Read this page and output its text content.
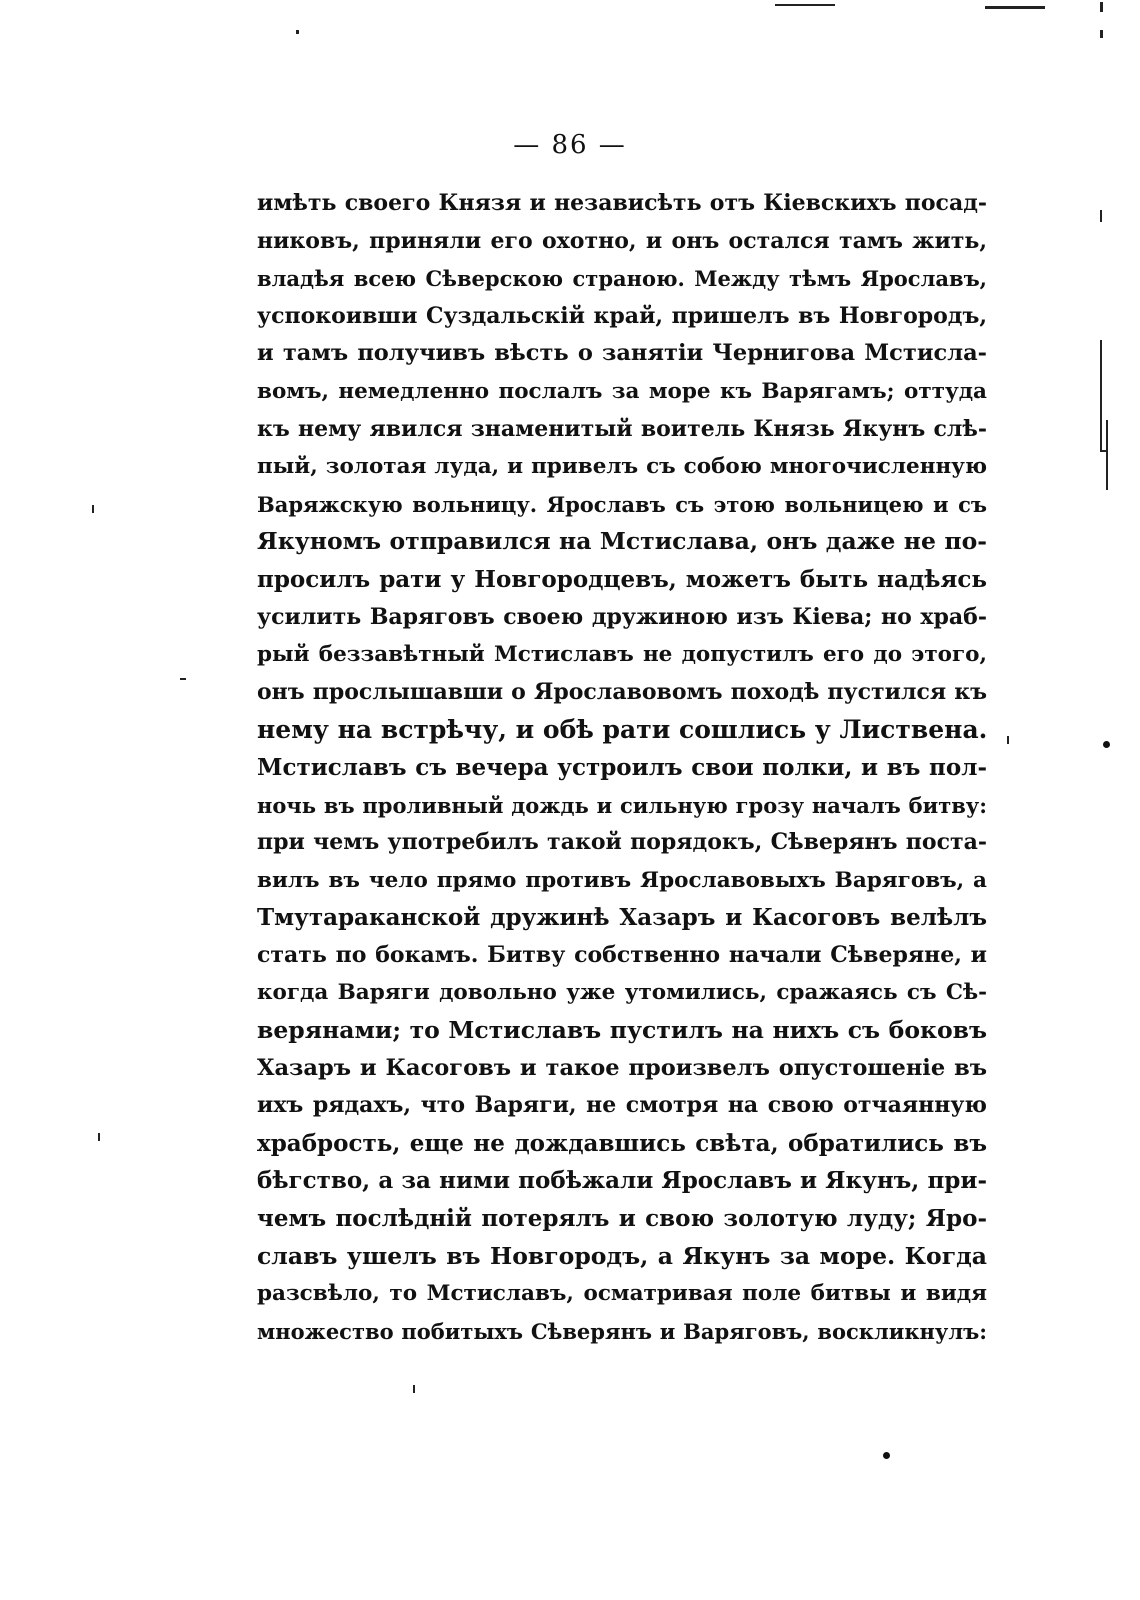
— 86 —
имѣть своего Князя и независѣть отъ Кіевскихъ посад-
никовъ, приняли его охотно, и онъ остался тамъ жить,
владѣя всею Сѣверскою страною. Между тѣмъ Ярославъ,
успокоивши Суздальскій край, пришелъ въ Новгородъ,
и тамъ получивъ вѣсть о занятіи Чернигова Мстисла-
вомъ, немедленно послалъ за море къ Варягамъ; оттуда
къ нему явился знаменитый воитель Князь Якунъ слѣ-
пый, золотая луда, и привелъ съ собою многочисленную
Варяжскую вольницу. Ярославъ съ этою вольницею и съ
Якуномъ отправился на Мстислава, онъ даже не по-
просилъ рати у Новгородцевъ, можетъ быть надѣясь
усилить Варяговъ своею дружиною изъ Кіева; но храб-
рый беззавѣтный Мстиславъ не допустилъ его до этого,
онъ прослышавши о Ярославовомъ походѣ пустился къ
нему на встрѣчу, и обѣ рати сошлись у Листвена.
Мстиславъ съ вечера устроилъ свои полки, и въ пол-
ночь въ проливный дождь и сильную грозу началъ битву:
при чемъ употребилъ такой порядокъ, Сѣверянъ поста-
вилъ въ чело прямо противъ Ярославовыхъ Варяговъ, а
Тмутараканской дружинѣ Хазаръ и Касоговъ велѣлъ
стать по бокамъ. Битву собственно начали Сѣверяне, и
когда Варяги довольно уже утомились, сражаясь съ Сѣ-
верянами; то Мстиславъ пустилъ на нихъ съ боковъ
Хазаръ и Касоговъ и такое произвелъ опустошеніе въ
ихъ рядахъ, что Варяги, не смотря на свою отчаянную
храбрость, еще не дождавшись свѣта, обратились въ
бѣгство, а за ними побѣжали Ярославъ и Якунъ, при-
чемъ послѣдній потерялъ и свою золотую луду; Яро-
славъ ушелъ въ Новгородъ, а Якунъ за море. Когда
разсвѣло, то Мстиславъ, осматривая поле битвы и видя
множество побитыхъ Сѣверянъ и Варяговъ, воскликнулъ:
